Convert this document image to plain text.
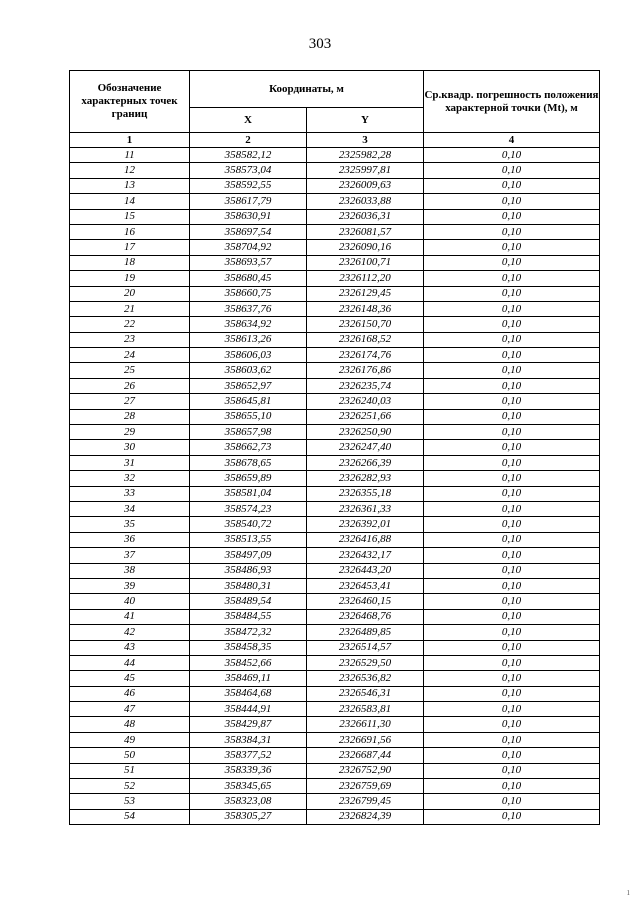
303
Обозначение характерных точек границ	Координаты, м		Ср.квадр. погрешность положения характерной точки (Mt), м
	X	Y	
1	2	3	4
11	358582,12	2325982,28	0,10
12	358573,04	2325997,81	0,10
13	358592,55	2326009,63	0,10
14	358617,79	2326033,88	0,10
15	358630,91	2326036,31	0,10
16	358697,54	2326081,57	0,10
17	358704,92	2326090,16	0,10
18	358693,57	2326100,71	0,10
19	358680,45	2326112,20	0,10
20	358660,75	2326129,45	0,10
21	358637,76	2326148,36	0,10
22	358634,92	2326150,70	0,10
23	358613,26	2326168,52	0,10
24	358606,03	2326174,76	0,10
25	358603,62	2326176,86	0,10
26	358652,97	2326235,74	0,10
27	358645,81	2326240,03	0,10
28	358655,10	2326251,66	0,10
29	358657,98	2326250,90	0,10
30	358662,73	2326247,40	0,10
31	358678,65	2326266,39	0,10
32	358659,89	2326282,93	0,10
33	358581,04	2326355,18	0,10
34	358574,23	2326361,33	0,10
35	358540,72	2326392,01	0,10
36	358513,55	2326416,88	0,10
37	358497,09	2326432,17	0,10
38	358486,93	2326443,20	0,10
39	358480,31	2326453,41	0,10
40	358489,54	2326460,15	0,10
41	358484,55	2326468,76	0,10
42	358472,32	2326489,85	0,10
43	358458,35	2326514,57	0,10
44	358452,66	2326529,50	0,10
45	358469,11	2326536,82	0,10
46	358464,68	2326546,31	0,10
47	358444,91	2326583,81	0,10
48	358429,87	2326611,30	0,10
49	358384,31	2326691,56	0,10
50	358377,52	2326687,44	0,10
51	358339,36	2326752,90	0,10
52	358345,65	2326759,69	0,10
53	358323,08	2326799,45	0,10
54	358305,27	2326824,39	0,10
1
